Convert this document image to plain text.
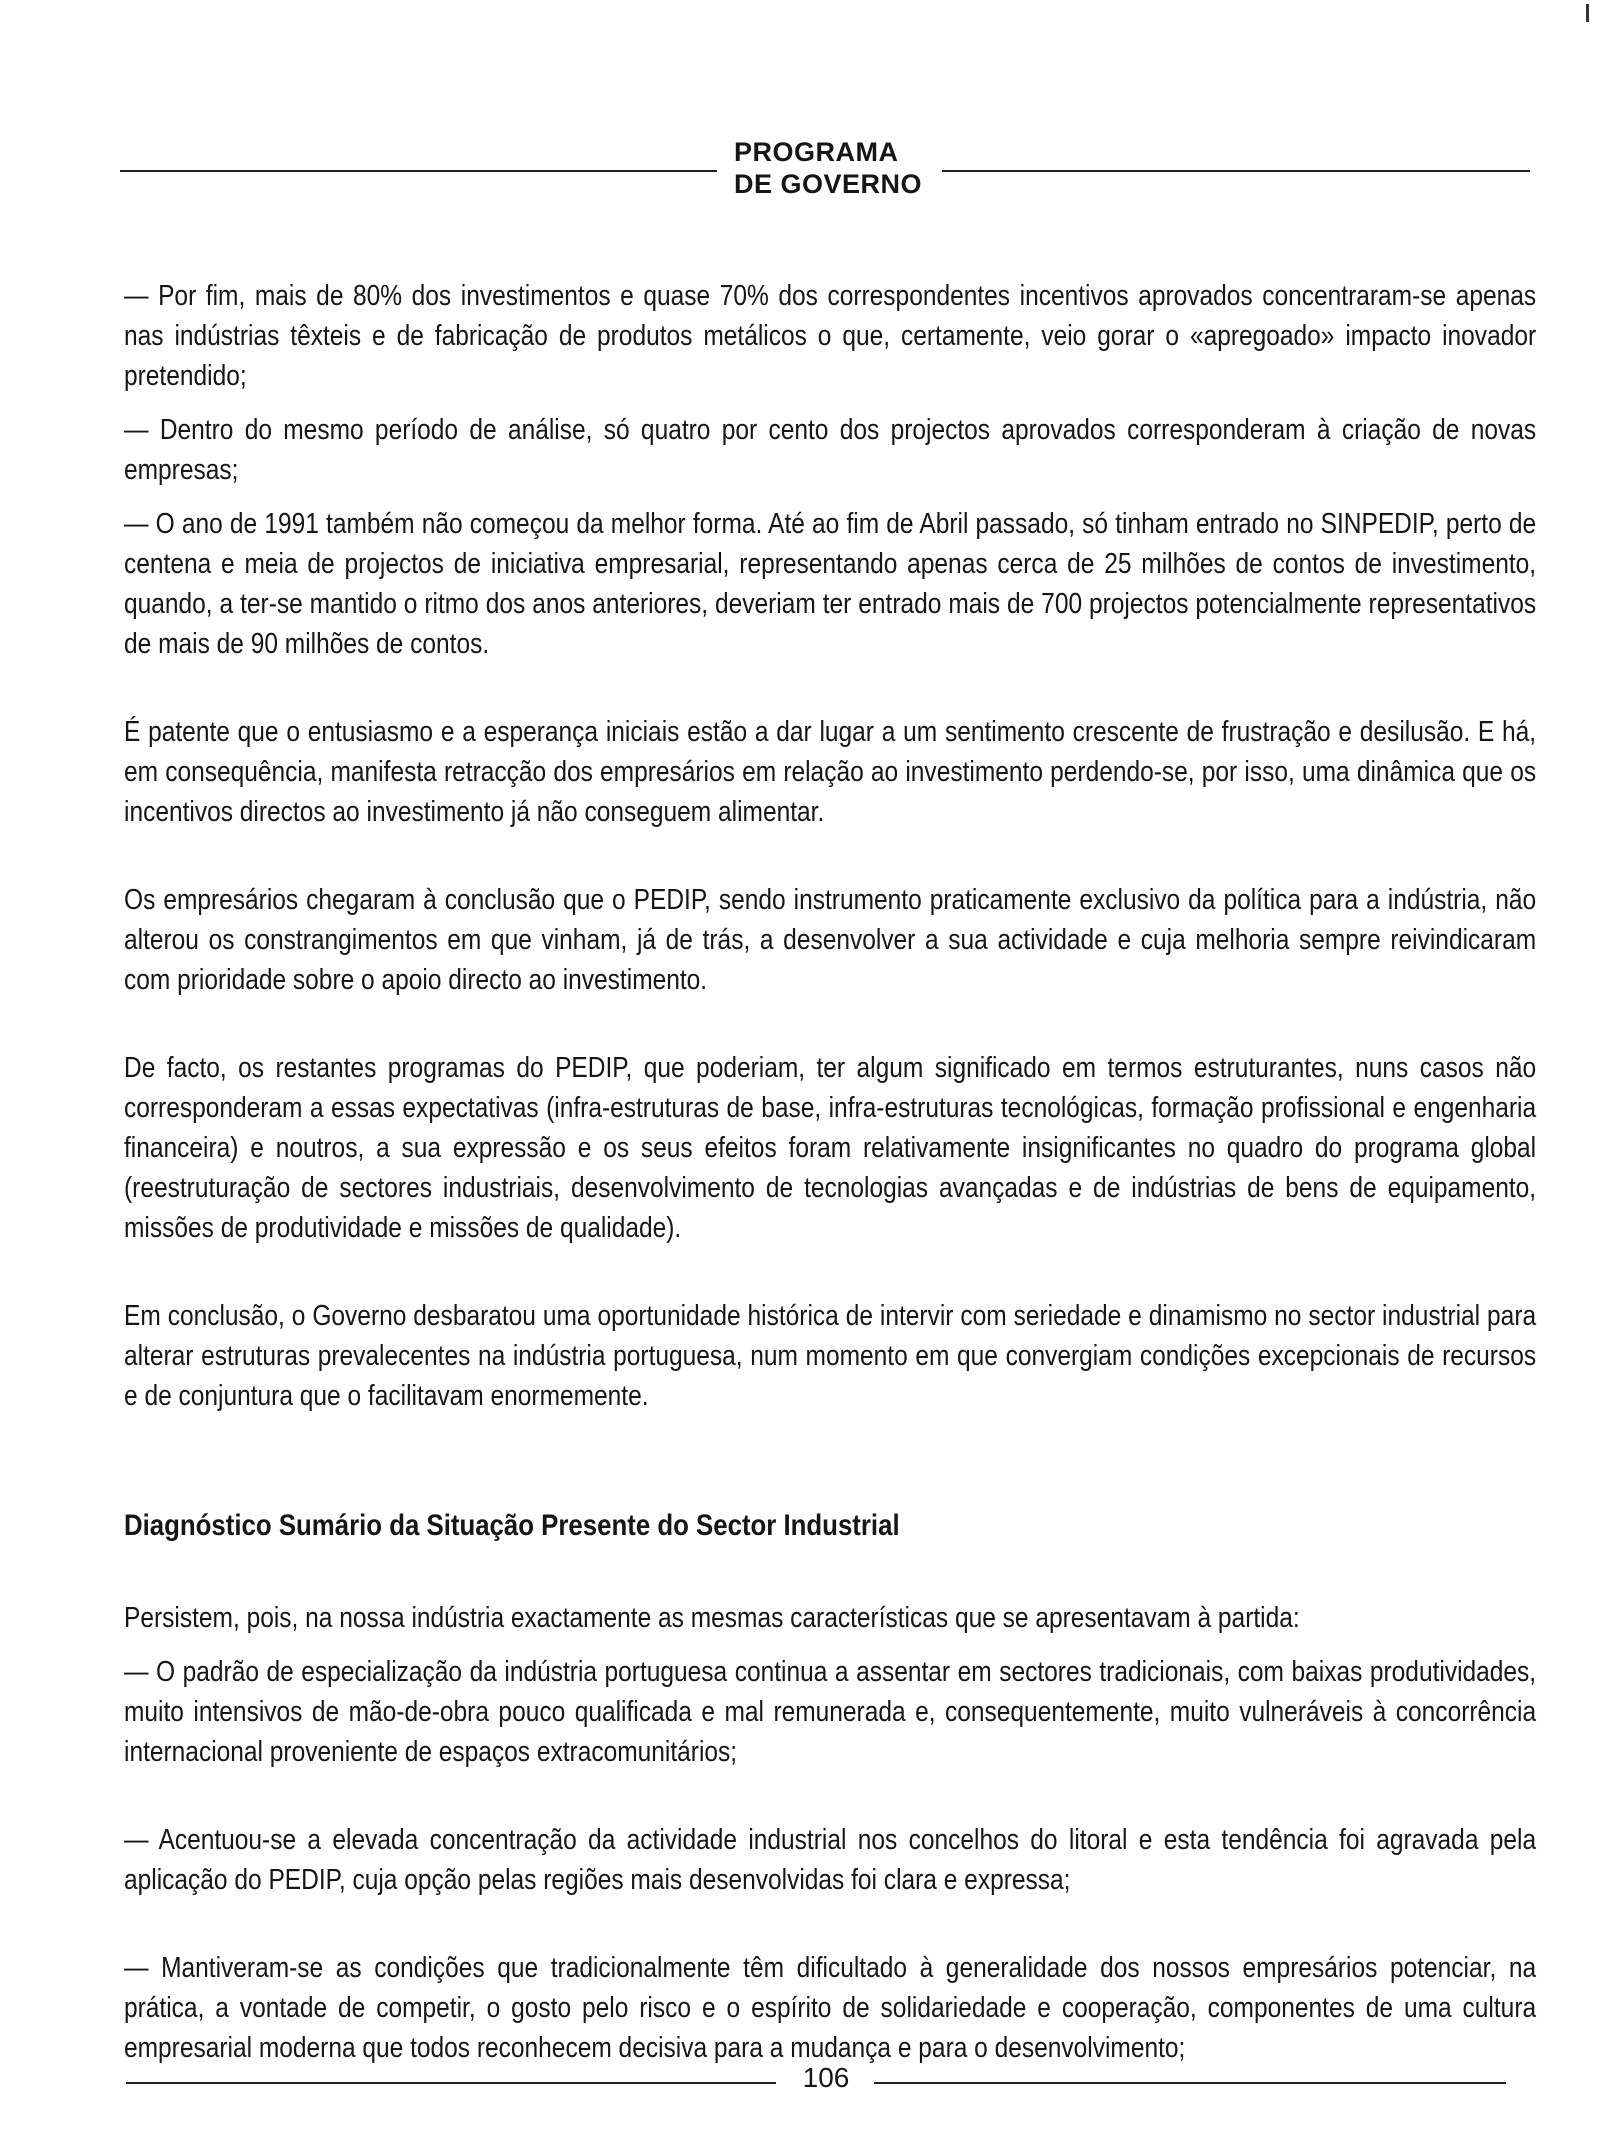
PROGRAMA
DE GOVERNO

— Por fim, mais de 80% dos investimentos e quase 70% dos correspondentes incentivos aprovados concentraram-se apenas nas indústrias têxteis e de fabricação de produtos metálicos o que, certamente, veio gorar o «apregoado» impacto inovador pretendido;

— Dentro do mesmo período de análise, só quatro por cento dos projectos aprovados corresponderam à criação de novas empresas;

— O ano de 1991 também não começou da melhor forma. Até ao fim de Abril passado, só tinham entrado no SINPEDIP, perto de centena e meia de projectos de iniciativa empresarial, representando apenas cerca de 25 milhões de contos de investimento, quando, a ter-se mantido o ritmo dos anos anteriores, deveriam ter entrado mais de 700 projectos potencialmente representativos de mais de 90 milhões de contos.

É patente que o entusiasmo e a esperança iniciais estão a dar lugar a um sentimento crescente de frustração e desilusão. E há, em consequência, manifesta retracção dos empresários em relação ao investimento perdendo-se, por isso, uma dinâmica que os incentivos directos ao investimento já não conseguem alimentar.

Os empresários chegaram à conclusão que o PEDIP, sendo instrumento praticamente exclusivo da política para a indústria, não alterou os constrangimentos em que vinham, já de trás, a desenvolver a sua actividade e cuja melhoria sempre reivindicaram com prioridade sobre o apoio directo ao investimento.

De facto, os restantes programas do PEDIP, que poderiam, ter algum significado em termos estruturantes, nuns casos não corresponderam a essas expectativas (infra-estruturas de base, infra-estruturas tecnológicas, formação profissional e engenharia financeira) e noutros, a sua expressão e os seus efeitos foram relativamente insignificantes no quadro do programa global (reestruturação de sectores industriais, desenvolvimento de tecnologias avançadas e de indústrias de bens de equipamento, missões de produtividade e missões de qualidade).

Em conclusão, o Governo desbaratou uma oportunidade histórica de intervir com seriedade e dinamismo no sector industrial para alterar estruturas prevalecentes na indústria portuguesa, num momento em que convergiam condições excepcionais de recursos e de conjuntura que o facilitavam enormemente.

Diagnóstico Sumário da Situação Presente do Sector Industrial

Persistem, pois, na nossa indústria exactamente as mesmas características que se apresentavam à partida:

— O padrão de especialização da indústria portuguesa continua a assentar em sectores tradicionais, com baixas produtividades, muito intensivos de mão-de-obra pouco qualificada e mal remunerada e, consequentemente, muito vulneráveis à concorrência internacional proveniente de espaços extracomunitários;

— Acentuou-se a elevada concentração da actividade industrial nos concelhos do litoral e esta tendência foi agravada pela aplicação do PEDIP, cuja opção pelas regiões mais desenvolvidas foi clara e expressa;

— Mantiveram-se as condições que tradicionalmente têm dificultado à generalidade dos nossos empresários potenciar, na prática, a vontade de competir, o gosto pelo risco e o espírito de solidariedade e cooperação, componentes de uma cultura empresarial moderna que todos reconhecem decisiva para a mudança e para o desenvolvimento;

106
